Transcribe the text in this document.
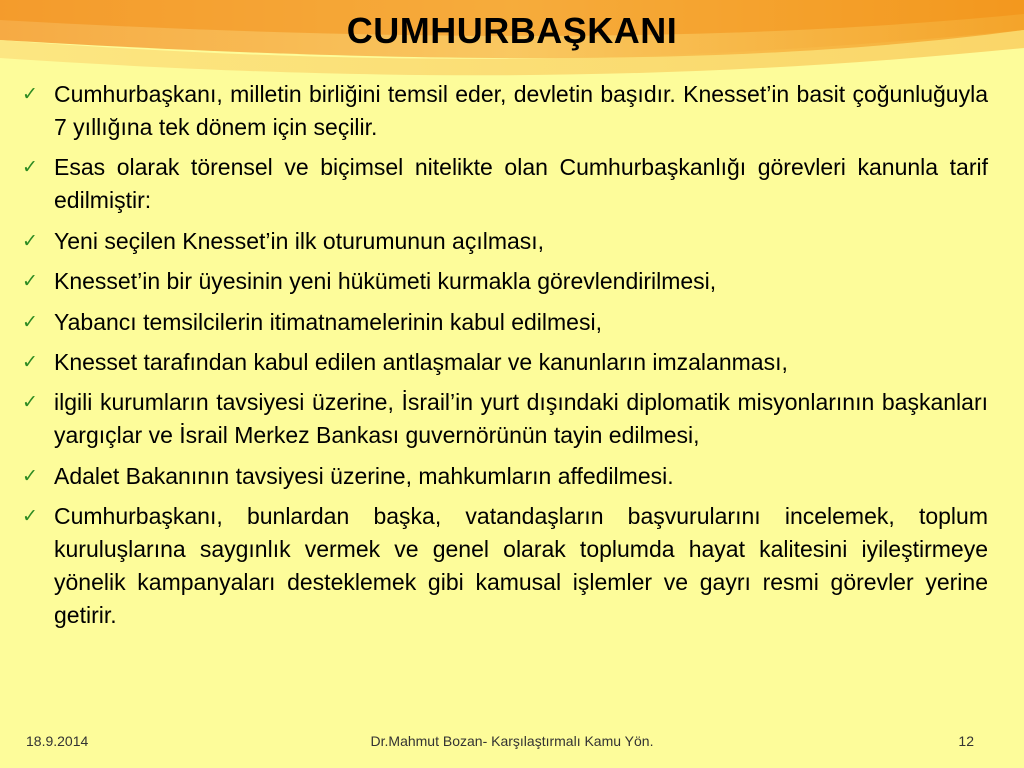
CUMHURBAŞKANI
✓ Cumhurbaşkanı, milletin birliğini temsil eder, devletin başıdır. Knesset’in basit çoğunluğuyla 7 yıllığına tek dönem için seçilir.
✓ Esas olarak törensel ve biçimsel nitelikte olan Cumhurbaşkanlığı görevleri kanunla tarif edilmiştir:
✓ Yeni seçilen Knesset’in ilk oturumunun açılması,
✓ Knesset’in bir üyesinin yeni hükümeti kurmakla görevlendirilmesi,
✓ Yabancı temsilcilerin itimatnamelerinin kabul edilmesi,
✓ Knesset tarafından kabul edilen antlaşmalar ve kanunların imzalanması,
✓ ilgili kurumların tavsiyesi üzerine, İsrail’in yurt dışındaki diplomatik misyonlarının başkanları yargıçlar ve İsrail Merkez Bankası guvernörünün tayin edilmesi,
✓ Adalet Bakanının tavsiyesi üzerine, mahkumların affedilmesi.
✓ Cumhurbaşkanı, bunlardan başka, vatandaşların başvurularını incelemek, toplum kuruluşlarına saygınlık vermek ve genel olarak toplumda hayat kalitesini iyileştirmeye yönelik kampanyaları desteklemek gibi kamusal işlemler ve gayrı resmi görevler yerine getirir.
18.9.2014	Dr.Mahmut Bozan- Karşılaştırmalı Kamu Yön.	12
